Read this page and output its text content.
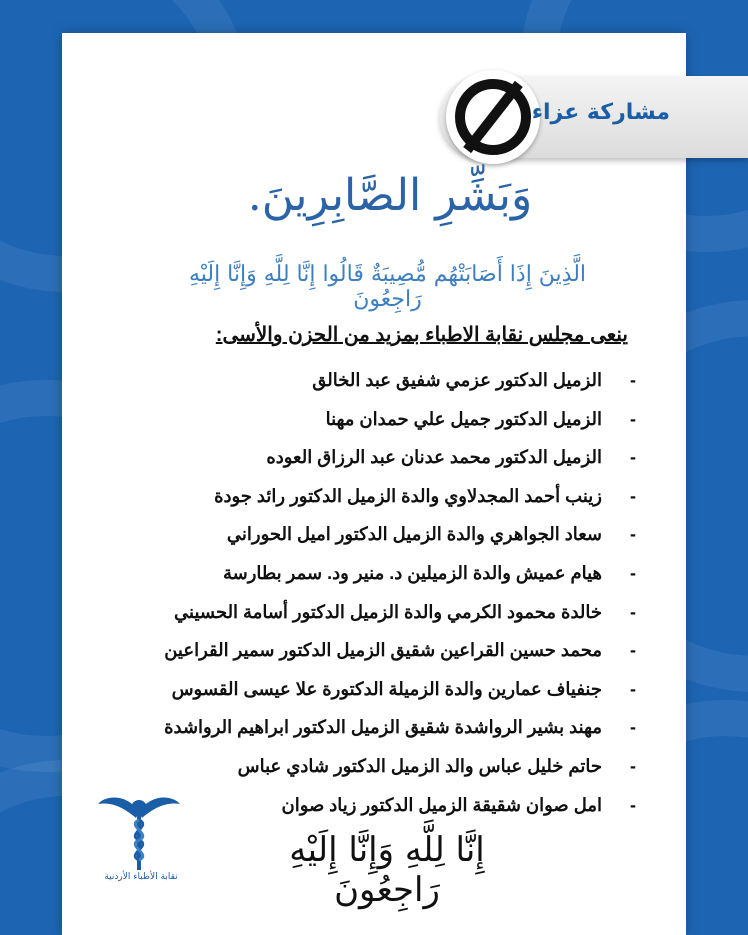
مشاركة عزاء
وَبَشِّرِ الصَّابِرِينَ.
الَّذِينَ إِذَا أَصَابَتْهُم مُّصِيبَةٌ قَالُوا إِنَّا لِلَّهِ وَإِنَّا إِلَيْهِ رَاجِعُونَ
ينعى مجلس نقابة الاطباء بمزيد من الحزن والأسى:
- الزميل الدكتور عزمي شفيق عبد الخالق
- الزميل الدكتور جميل علي حمدان مهنا
- الزميل الدكتور محمد عدنان عبد الرزاق العوده
- زينب أحمد المجدلاوي والدة الزميل الدكتور رائد جودة
- سعاد الجواهري والدة الزميل الدكتور اميل الحوراني
- هيام عميش والدة الزميلين د. منير ود. سمر بطارسة
- خالدة محمود الكرمي والدة الزميل الدكتور أسامة الحسيني
- محمد حسين القراعين شقيق الزميل الدكتور سمير القراعين
- جنفياف عمارين والدة الزميلة الدكتورة علا عيسى القسوس
- مهند بشير الرواشدة شقيق الزميل الدكتور ابراهيم الرواشدة
- حاتم خليل عباس والد الزميل الدكتور شادي عباس
- امل صوان شقيقة الزميل الدكتور زياد صوان
نقابة الأطباء الأردنية
إِنَّا لِلَّهِ وَإِنَّا إِلَيْهِ رَاجِعُونَ
